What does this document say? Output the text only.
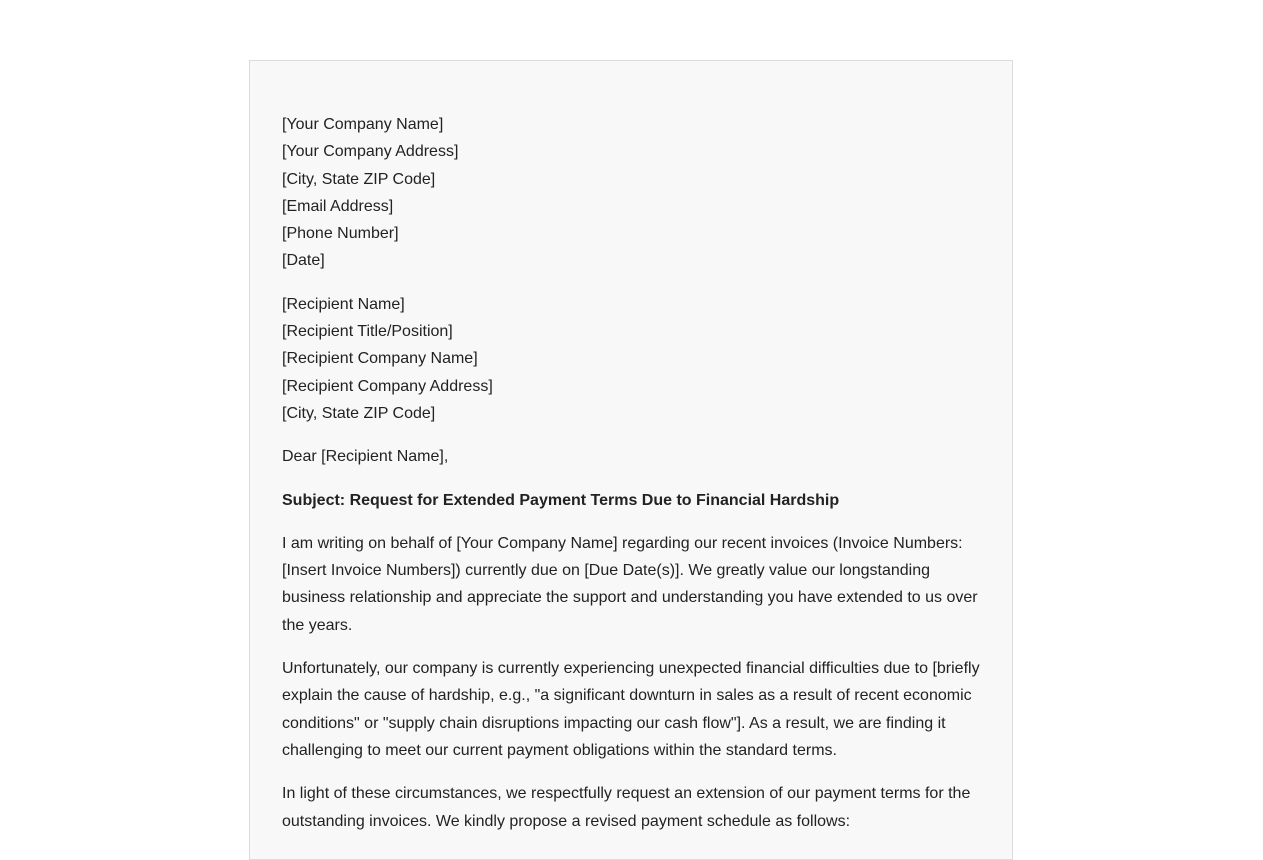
[Your Company Name]

[Your Company Address]

[City, State ZIP Code]

[Email Address]

[Phone Number]

[Date]

[Recipient Name]

[Recipient Title/Position]

[Recipient Company Name]

[Recipient Company Address]

[City, State ZIP Code]

Dear [Recipient Name],

Subject: Request for Extended Payment Terms Due to Financial Hardship

I am writing on behalf of [Your Company Name] regarding our recent invoices (Invoice Numbers: [Insert Invoice Numbers]) currently due on [Due Date(s)]. We greatly value our longstanding business relationship and appreciate the support and understanding you have extended to us over the years.

Unfortunately, our company is currently experiencing unexpected financial difficulties due to [briefly explain the cause of hardship, e.g., "a significant downturn in sales as a result of recent economic conditions" or "supply chain disruptions impacting our cash flow"]. As a result, we are finding it challenging to meet our current payment obligations within the standard terms.

In light of these circumstances, we respectfully request an extension of our payment terms for the outstanding invoices. We kindly propose a revised payment schedule as follows:
